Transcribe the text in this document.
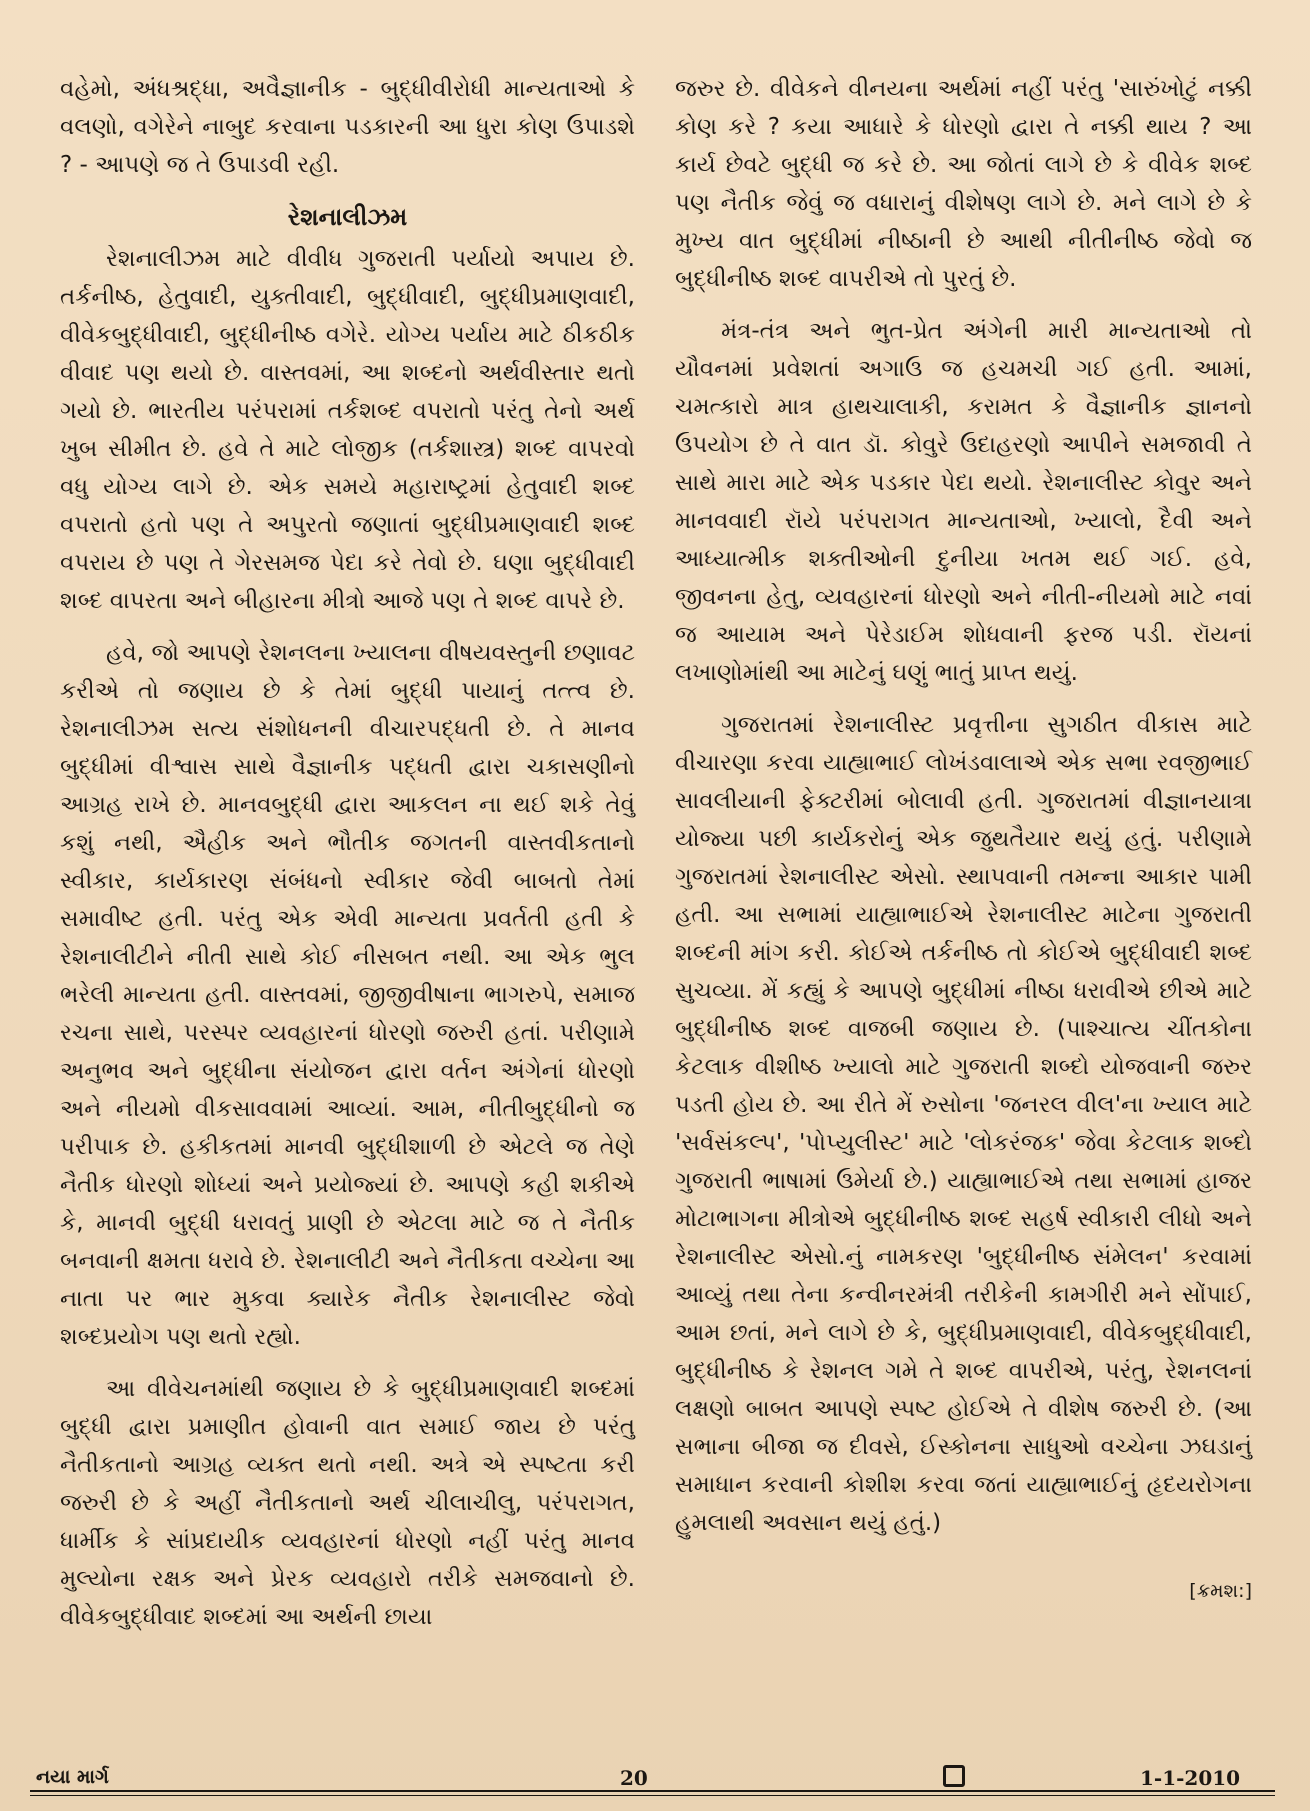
વહેમો, અંધશ્રદ્ધા, અવૈજ્ઞાનીક - બુદ્ધીવીરોધી માન્યતાઓ કે વલણો, વગેરેને નાબુદ કરવાના પડકારની આ ધુરા કોણ ઉપાડશે ? - આપણે જ તે ઉપાડવી રહી.

રેશનાલીઝમ

રેશનાલીઝમ માટે વીવીધ ગુજરાતી પર્યાયો અપાય છે. તર્કનીષ્ઠ, હેતુવાદી, યુક્તીવાદી, બુદ્ધીવાદી, બુદ્ધીપ્રમાણવાદી, વીવેકબુદ્ધીવાદી, બુદ્ધીનીષ્ઠ વગેરે. યોગ્ય પર્યાય માટે ઠીકઠીક વીવાદ પણ થયો છે. વાસ્તવમાં, આ શબ્દનો અર્થવીસ્તાર થતો ગયો છે. ભારતીય પરંપરામાં તર્કશબ્દ વપરાતો પરંતુ તેનો અર્થ ખુબ સીમીત છે. હવે તે માટે લોજીક (તર્કશાસ્ત્ર) શબ્દ વાપરવો વધુ યોગ્ય લાગે છે. એક સમયે મહારાષ્ટ્રમાં હેતુવાદી શબ્દ વપરાતો હતો પણ તે અપુરતો જણાતાં બુદ્ધીપ્રમાણવાદી શબ્દ વપરાય છે પણ તે ગેરસમજ પેદા કરે તેવો છે. ઘણા બુદ્ધીવાદી શબ્દ વાપરતા અને બીહારના મીત્રો આજે પણ તે શબ્દ વાપરે છે.

હવે, જો આપણે રેશનલના ખ્યાલના વીષયવસ્તુની છણાવટ કરીએ તો જણાય છે કે તેમાં બુદ્ધી પાયાનું તત્ત્વ છે. રેશનાલીઝમ સત્ય સંશોધનની વીચારપદ્ધતી છે. તે માનવ બુદ્ધીમાં વીશ્વાસ સાથે વૈજ્ઞાનીક પદ્ધતી દ્વારા ચકાસણીનો આગ્રહ રાખે છે. માનવબુદ્ધી દ્વારા આકલન ના થઈ શકે તેવું કશું નથી, ઐહીક અને ભૌતીક જગતની વાસ્તવીકતાનો સ્વીકાર, કાર્યકારણ સંબંધનો સ્વીકાર જેવી બાબતો તેમાં સમાવીષ્ટ હતી. પરંતુ એક એવી માન્યતા પ્રવર્તતી હતી કે રેશનાલીટીને નીતી સાથે કોઈ નીસબત નથી. આ એક ભુલ ભરેલી માન્યતા હતી. વાસ્તવમાં, જીજીવીષાના ભાગરુપે, સમાજ રચના સાથે, પરસ્પર વ્યવહારનાં ધોરણો જરુરી હતાં. પરીણામે અનુભવ અને બુદ્ધીના સંયોજન દ્વારા વર્તન અંગેનાં ધોરણો અને નીયમો વીકસાવવામાં આવ્યાં. આમ, નીતીબુદ્ધીનો જ પરીપાક છે. હકીકતમાં માનવી બુદ્ધીશાળી છે એટલે જ તેણે નૈતીક ધોરણો શોધ્યાં અને પ્રયોજ્યાં છે. આપણે કહી શકીએ કે, માનવી બુદ્ધી ધરાવતું પ્રાણી છે એટલા માટે જ તે નૈતીક બનવાની ક્ષમતા ધરાવે છે. રેશનાલીટી અને નૈતીકતા વચ્ચેના આ નાતા પર ભાર મુકવા ક્યારેક નૈતીક રેશનાલીસ્ટ જેવો શબ્દપ્રયોગ પણ થતો રહ્યો.

આ વીવેચનમાંથી જણાય છે કે બુદ્ધીપ્રમાણવાદી શબ્દમાં બુદ્ધી દ્વારા પ્રમાણીત હોવાની વાત સમાઈ જાય છે પરંતુ નૈતીકતાનો આગ્રહ વ્યક્ત થતો નથી. અત્રે એ સ્પષ્ટતા કરી જરુરી છે કે અહીં નૈતીકતાનો અર્થ ચીલાચીલુ, પરંપરાગત, ધાર્મીક કે સાંપ્રદાયીક વ્યવહારનાં ધોરણો નહીં પરંતુ માનવ મુલ્યોના રક્ષક અને પ્રેરક વ્યવહારો તરીકે સમજવાનો છે. વીવેકબુદ્ધીવાદ શબ્દમાં આ અર્થની છાયા

જરુર છે. વીવેકને વીનયના અર્થમાં નહીં પરંતુ 'સારુંખોટું નક્કી કોણ કરે ? કયા આધારે કે ધોરણો દ્વારા તે નક્કી થાય ? આ કાર્ય છેવટે બુદ્ધી જ કરે છે. આ જોતાં લાગે છે કે વીવેક શબ્દ પણ નૈતીક જેવું જ વધારાનું વીશેષણ લાગે છે. મને લાગે છે કે મુખ્ય વાત બુદ્ધીમાં નીષ્ઠાની છે આથી નીતીનીષ્ઠ જેવો જ બુદ્ધીનીષ્ઠ શબ્દ વાપરીએ તો પુરતું છે.

મંત્ર-તંત્ર અને ભુત-પ્રેત અંગેની મારી માન્યતાઓ તો યૌવનમાં પ્રવેશતાં અગાઉ જ હચમચી ગઈ હતી. આમાં, ચમત્કારો માત્ર હાથચાલાકી, કરામત કે વૈજ્ઞાનીક જ્ઞાનનો ઉપયોગ છે તે વાત ડૉ. કોવુરે ઉદાહરણો આપીને સમજાવી તે સાથે મારા માટે એક પડકાર પેદા થયો. રેશનાલીસ્ટ કોવુર અને માનવવાદી રૉયે પરંપરાગત માન્યતાઓ, ખ્યાલો, દૈવી અને આધ્યાત્મીક શક્તીઓની દુનીયા ખતમ થઈ ગઈ. હવે, જીવનના હેતુ, વ્યવહારનાં ધોરણો અને નીતી-નીયમો માટે નવાં જ આયામ અને પેરેડાઈમ શોધવાની ફરજ પડી. રૉયનાં લખાણોમાંથી આ માટેનું ઘણું ભાતું પ્રાપ્ત થયું.

ગુજરાતમાં રેશનાલીસ્ટ પ્રવૃત્તીના સુગઠીત વીકાસ માટે વીચારણા કરવા યાહ્યાભાઈ લોખંડવાલાએ એક સભા રવજીભાઈ સાવલીયાની ફેક્ટરીમાં બોલાવી હતી. ગુજરાતમાં વીજ્ઞાનયાત્રા યોજ્યા પછી કાર્યકરોનું એક જુથતૈયાર થયું હતું. પરીણામે ગુજરાતમાં રેશનાલીસ્ટ એસો. સ્થાપવાની તમન્ના આકાર પામી હતી. આ સભામાં યાહ્યાભાઈએ રેશનાલીસ્ટ માટેના ગુજરાતી શબ્દની માંગ કરી. કોઈએ તર્કનીષ્ઠ તો કોઈએ બુદ્ધીવાદી શબ્દ સુચવ્યા. મેં કહ્યું કે આપણે બુદ્ધીમાં નીષ્ઠા ધરાવીએ છીએ માટે બુદ્ધીનીષ્ઠ શબ્દ વાજબી જણાય છે. (પાશ્ચાત્ય ચીંતકોના કેટલાક વીશીષ્ઠ ખ્યાલો માટે ગુજરાતી શબ્દો યોજવાની જરુર પડતી હોય છે. આ રીતે મેં રુસોના 'જનરલ વીલ'ના ખ્યાલ માટે 'સર્વસંકલ્પ', 'પોપ્યુલીસ્ટ' માટે 'લોકરંજક' જેવા કેટલાક શબ્દો ગુજરાતી ભાષામાં ઉમેર્યા છે.) યાહ્યાભાઈએ તથા સભામાં હાજર મોટાભાગના મીત્રોએ બુદ્ધીનીષ્ઠ શબ્દ સહર્ષ સ્વીકારી લીધો અને રેશનાલીસ્ટ એસો.નું નામકરણ 'બુદ્ધીનીષ્ઠ સંમેલન' કરવામાં આવ્યું તથા તેના કન્વીનરમંત્રી તરીકેની કામગીરી મને સોંપાઈ, આમ છતાં, મને લાગે છે કે, બુદ્ધીપ્રમાણવાદી, વીવેકબુદ્ધીવાદી, બુદ્ધીનીષ્ઠ કે રેશનલ ગમે તે શબ્દ વાપરીએ, પરંતુ, રેશનલનાં લક્ષણો બાબત આપણે સ્પષ્ટ હોઈએ તે વીશેષ જરુરી છે. (આ સભાના બીજા જ દીવસે, ઈસ્કોનના સાધુઓ વચ્ચેના ઝઘડાનું સમાધાન કરવાની કોશીશ કરવા જતાં યાહ્યાભાઈનું હૃદયરોગના હુમલાથી અવસાન થયું હતું.)

[ક્રમશ:]
નયા માર્ગ	20	1-1-2010
